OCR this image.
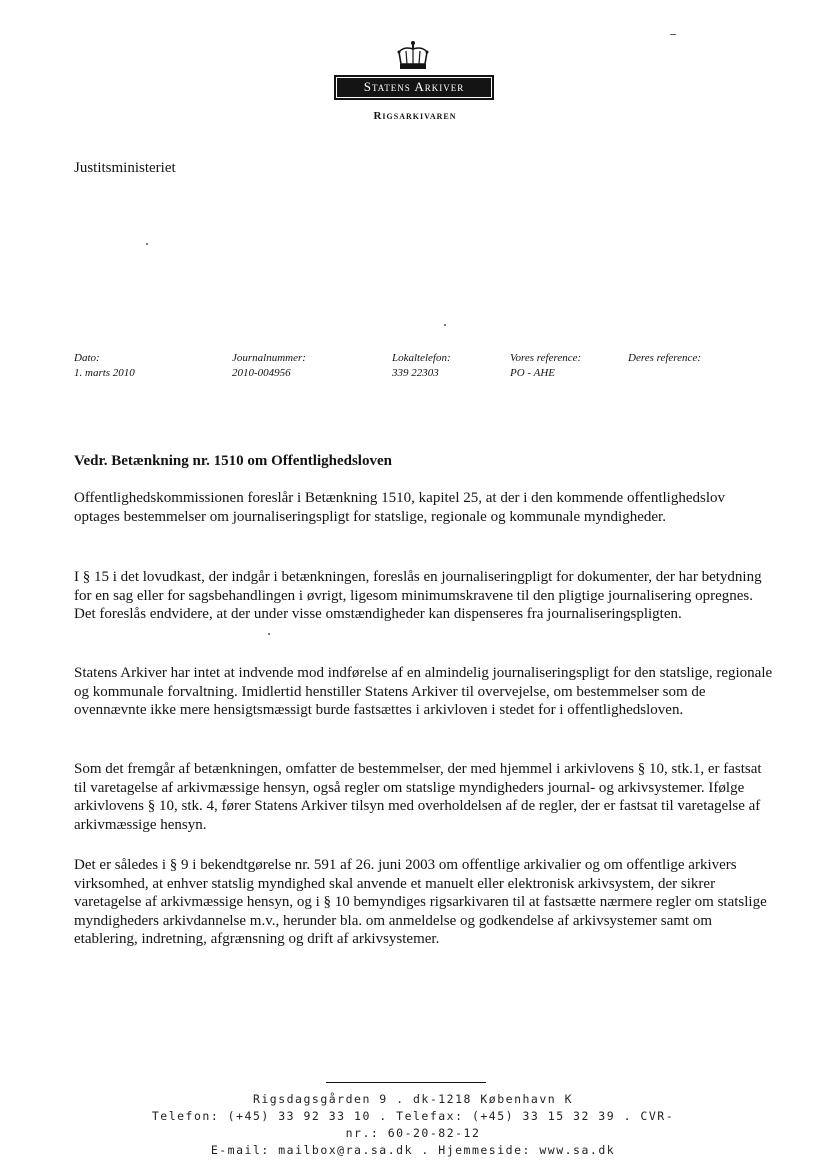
Statens Arkiver
Rigsarkivaren
Justitsministeriet
Dato:
1. marts 2010
Journalnummer:
2010-004956
Lokaltelefon:
339 22303
Vores reference:
PO - AHE
Deres reference:
Vedr. Betænkning nr. 1510 om Offentlighedsloven
Offentlighedskommissionen foreslår i Betænkning 1510, kapitel 25, at der i den kommende offentlighedslov optages bestemmelser om journaliseringspligt for statslige, regionale og kommunale myndigheder.
I § 15 i det lovudkast, der indgår i betænkningen, foreslås en journaliseringpligt for dokumenter, der har betydning for en sag eller for sagsbehandlingen i øvrigt, ligesom minimumskravene til den pligtige journalisering opregnes. Det foreslås endvidere, at der under visse omstændigheder kan dispenseres fra journaliseringspligten.
Statens Arkiver har intet at indvende mod indførelse af en almindelig journaliseringspligt for den statslige, regionale og kommunale forvaltning. Imidlertid henstiller Statens Arkiver til overvejelse, om bestemmelser som de ovennævnte ikke mere hensigtsmæssigt burde fastsættes i arkivloven i stedet for i offentlighedsloven.
Som det fremgår af betænkningen, omfatter de bestemmelser, der med hjemmel i arkivlovens § 10, stk.1, er fastsat til varetagelse af arkivmæssige hensyn, også regler om statslige myndigheders journal- og arkivsystemer. Ifølge arkivlovens § 10, stk. 4, fører Statens Arkiver tilsyn med overholdelsen af de regler, der er fastsat til varetagelse af arkivmæssige hensyn.
Det er således i § 9 i bekendtgørelse nr. 591 af 26. juni 2003 om offentlige arkivalier og om offentlige arkivers virksomhed, at enhver statslig myndighed skal anvende et manuelt eller elektronisk arkivsystem, der sikrer varetagelse af arkivmæssige hensyn, og i § 10 bemyndiges rigsarkivaren til at fastsætte nærmere regler om statslige myndigheders arkivdannelse m.v., herunder bla. om anmeldelse og godkendelse af arkivsystemer samt om etablering, indretning, afgrænsning og drift af arkivsystemer.
Rigsdagsgården 9 . dk-1218 København K
Telefon: (+45) 33 92 33 10 . Telefax: (+45) 33 15 32 39 . CVR-
nr.: 60-20-82-12
E-mail: mailbox@ra.sa.dk . Hjemmeside: www.sa.dk
